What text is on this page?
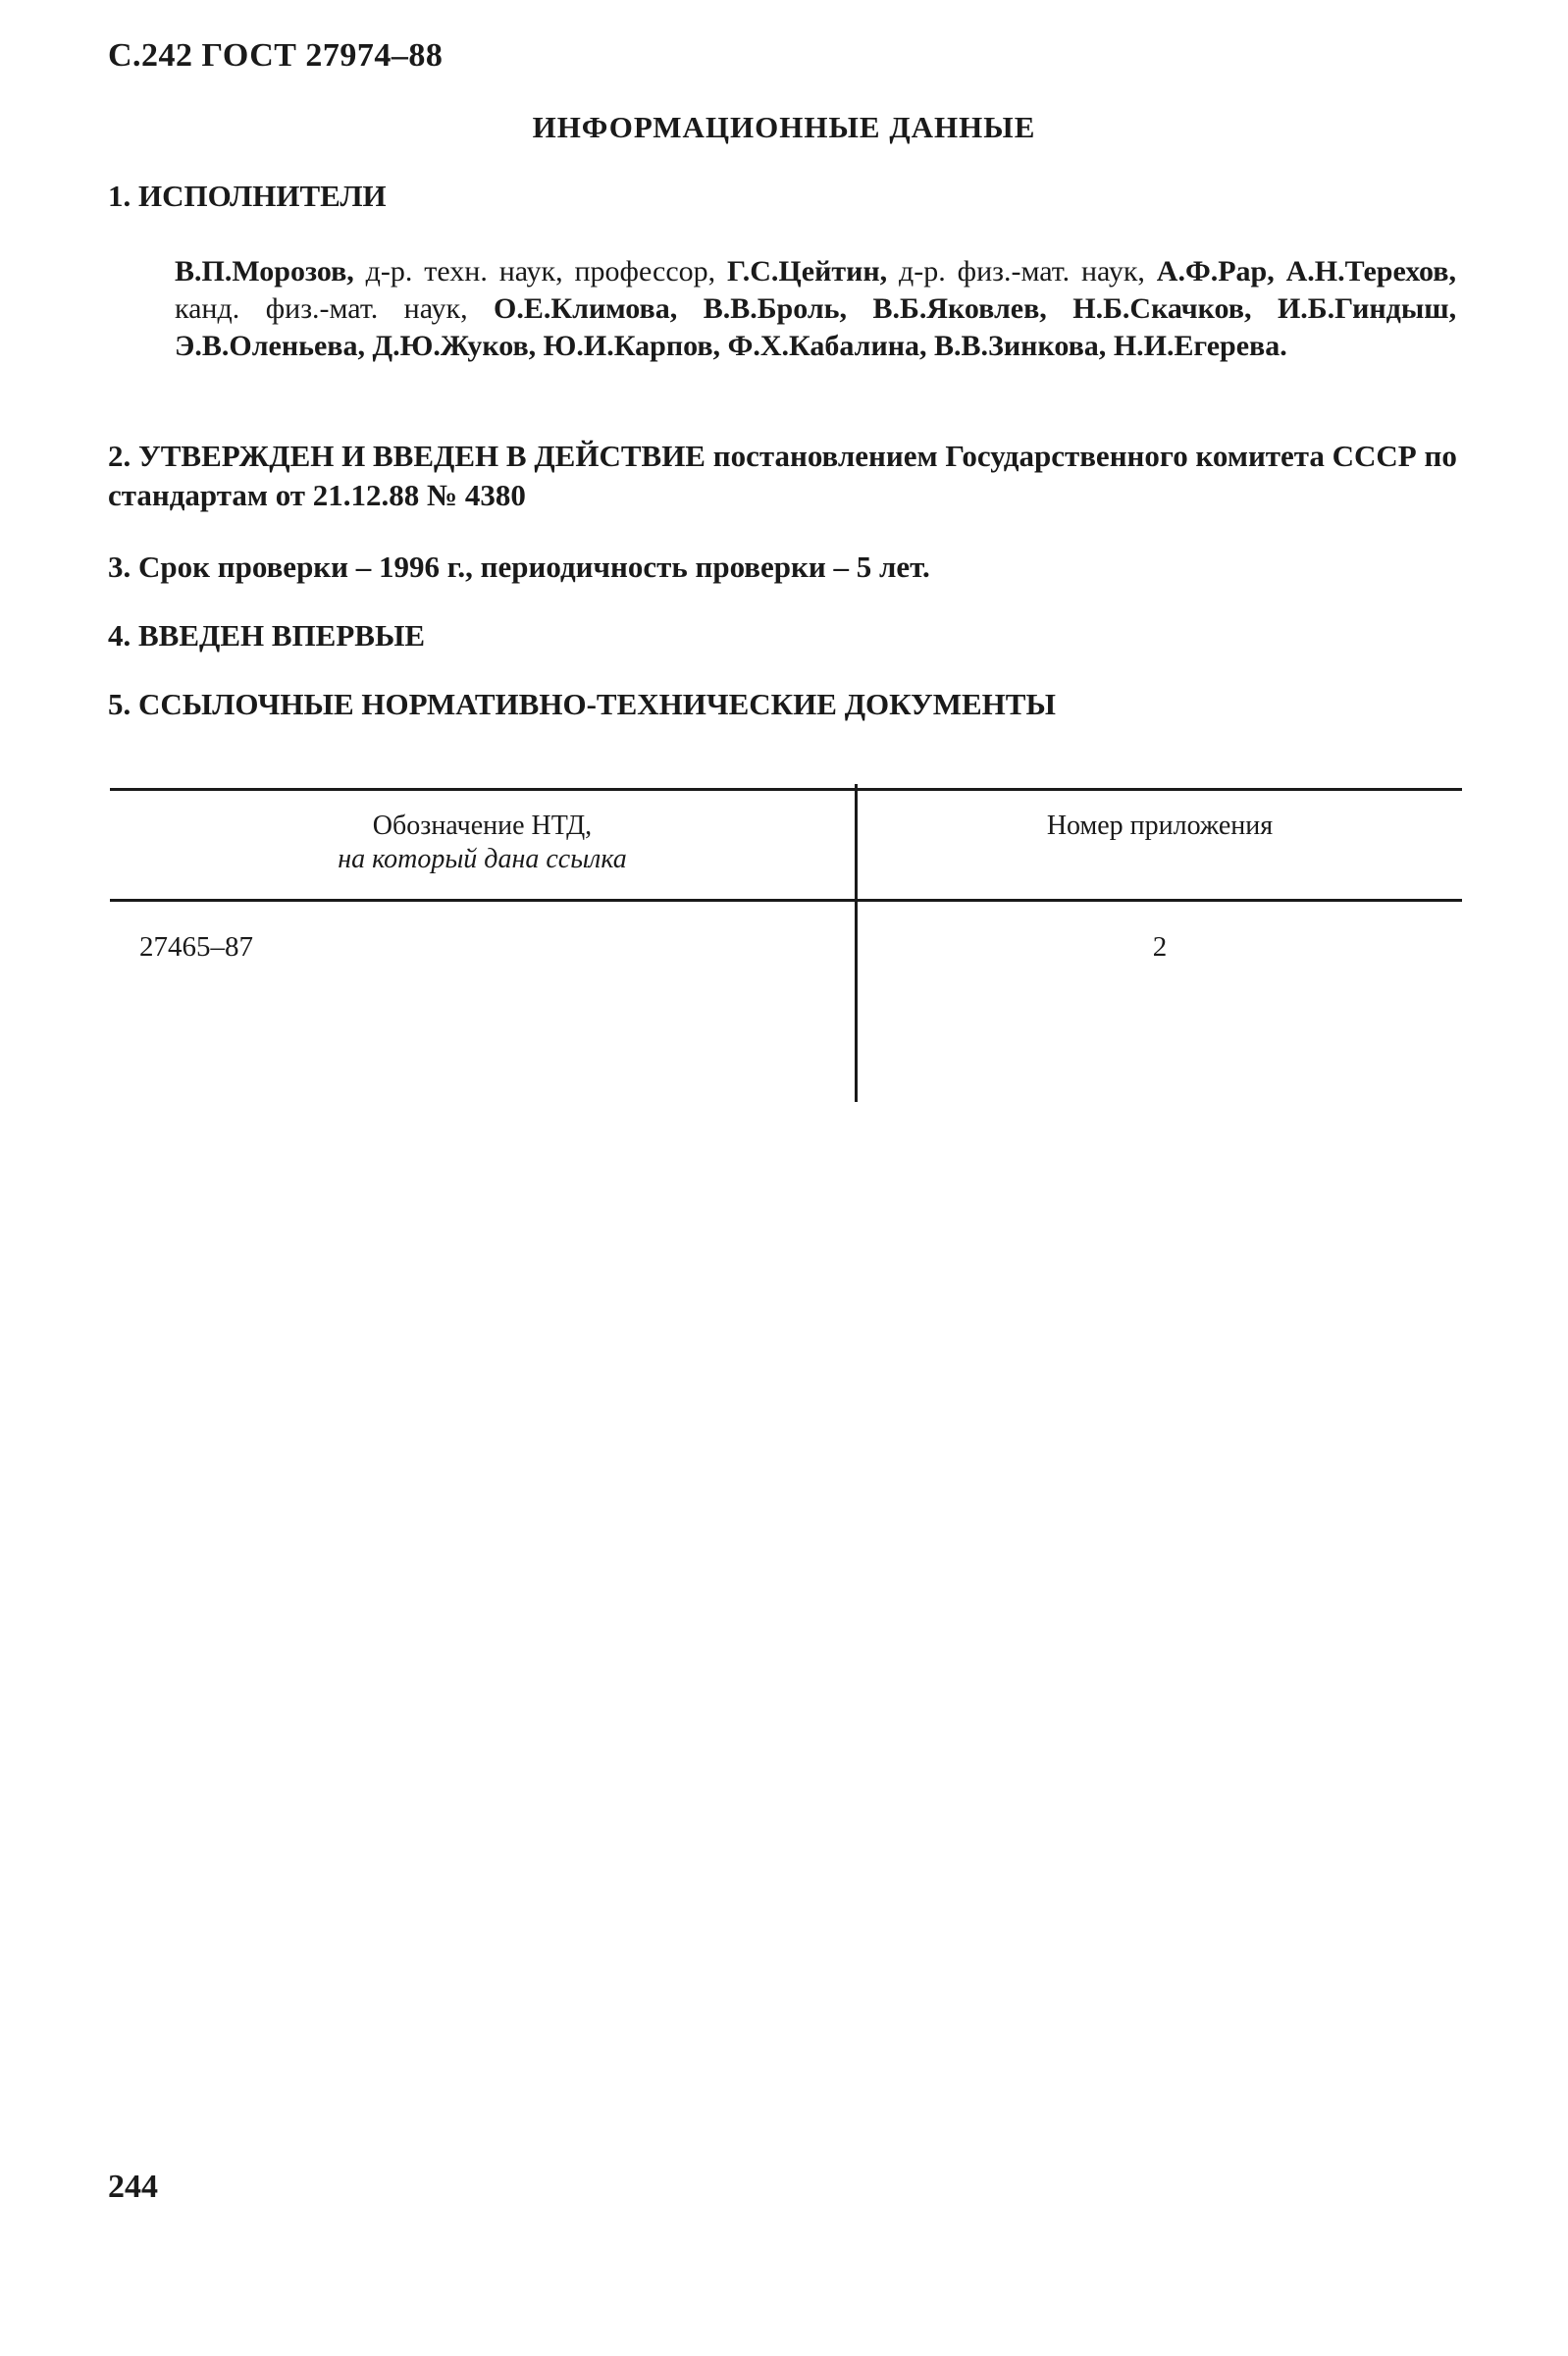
С.242 ГОСТ 27974–88
ИНФОРМАЦИОННЫЕ ДАННЫЕ
1. ИСПОЛНИТЕЛИ
В.П.Морозов, д-р. техн. наук, профессор, Г.С.Цейтин, д-р. физ.-мат. наук, А.Ф.Рар, А.Н.Терехов, канд. физ.-мат. наук, О.Е.Климова, В.В.Броль, В.Б.Яковлев, Н.Б.Скачков, И.Б.Гиндыш, Э.В.Оленьева, Д.Ю.Жуков, Ю.И.Карпов, Ф.Х.Кабалина, В.В.Зинкова, Н.И.Егерева.
2. УТВЕРЖДЕН И ВВЕДЕН В ДЕЙСТВИЕ постановлением Государственного комитета СССР по стандартам от 21.12.88 № 4380
3. Срок проверки – 1996 г., периодичность проверки – 5 лет.
4. ВВЕДЕН ВПЕРВЫЕ
5. ССЫЛОЧНЫЕ НОРМАТИВНО-ТЕХНИЧЕСКИЕ ДОКУМЕНТЫ
Обозначение НТД,
на который дана ссылка
Номер приложения
27465–87	2
244
